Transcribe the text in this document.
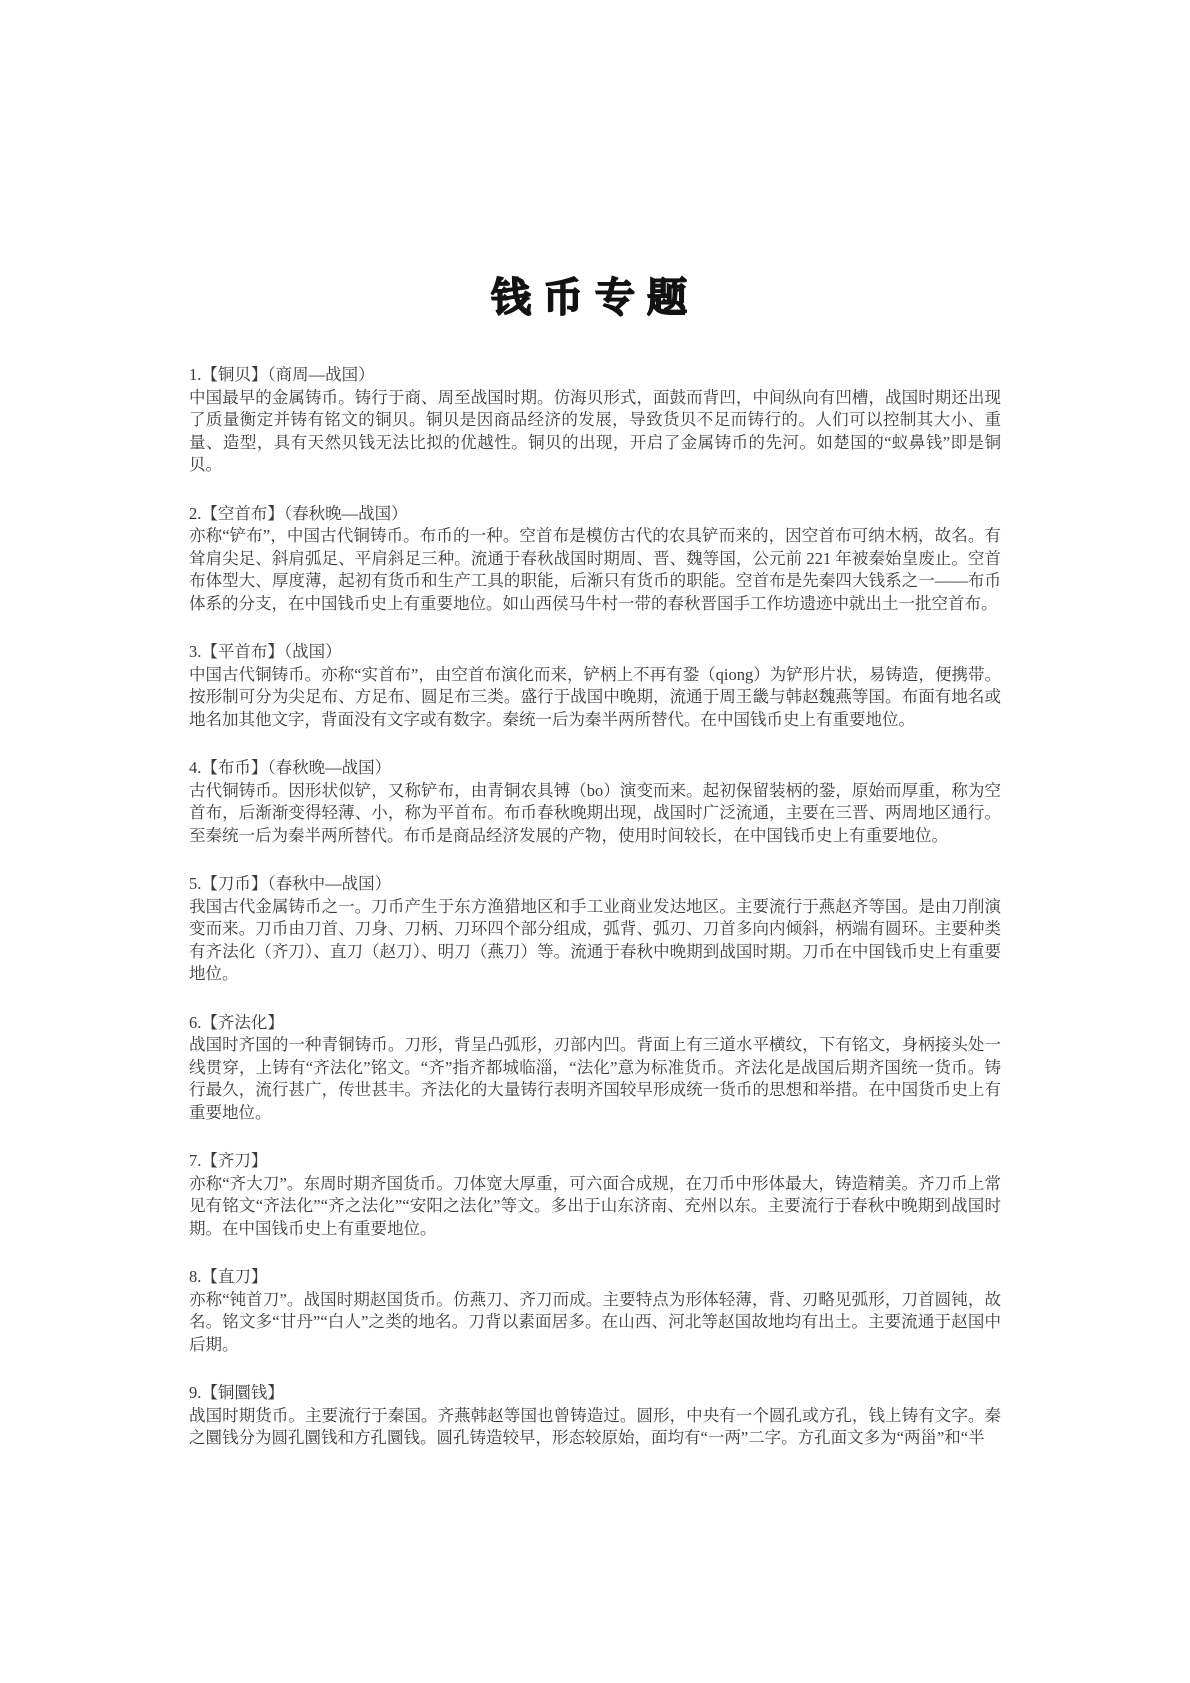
钱币专题
1.【铜贝】（商周—战国）

中国最早的金属铸币。铸行于商、周至战国时期。仿海贝形式，面鼓而背凹，中间纵向有凹槽，战国时期还出现了质量衡定并铸有铭文的铜贝。铜贝是因商品经济的发展，导致货贝不足而铸行的。人们可以控制其大小、重量、造型，具有天然贝钱无法比拟的优越性。铜贝的出现，开启了金属铸币的先河。如楚国的“蚁鼻钱”即是铜贝。

2.【空首布】（春秋晚—战国）

亦称“铲布”，中国古代铜铸币。布币的一种。空首布是模仿古代的农具铲而来的，因空首布可纳木柄，故名。有耸肩尖足、斜肩弧足、平肩斜足三种。流通于春秋战国时期周、晋、魏等国，公元前 221 年被秦始皇废止。空首布体型大、厚度薄，起初有货币和生产工具的职能，后渐只有货币的职能。空首布是先秦四大钱系之一——布币体系的分支，在中国钱币史上有重要地位。如山西侯马牛村一带的春秋晋国手工作坊遗迹中就出土一批空首布。

3.【平首布】（战国）

中国古代铜铸币。亦称“实首布”，由空首布演化而来，铲柄上不再有銎（qiong）为铲形片状，易铸造，便携带。按形制可分为尖足布、方足布、圆足布三类。盛行于战国中晚期，流通于周王畿与韩赵魏燕等国。布面有地名或地名加其他文字，背面没有文字或有数字。秦统一后为秦半两所替代。在中国钱币史上有重要地位。

4.【布币】（春秋晚—战国）

古代铜铸币。因形状似铲，又称铲布，由青铜农具镈（bo）演变而来。起初保留装柄的銎，原始而厚重，称为空首布，后渐渐变得轻薄、小，称为平首布。布币春秋晚期出现，战国时广泛流通，主要在三晋、两周地区通行。至秦统一后为秦半两所替代。布币是商品经济发展的产物，使用时间较长，在中国钱币史上有重要地位。

5.【刀币】（春秋中—战国）

我国古代金属铸币之一。刀币产生于东方渔猎地区和手工业商业发达地区。主要流行于燕赵齐等国。是由刀削演变而来。刀币由刀首、刀身、刀柄、刀环四个部分组成，弧背、弧刃、刀首多向内倾斜，柄端有圆环。主要种类有齐法化（齐刀）、直刀（赵刀）、明刀（燕刀）等。流通于春秋中晚期到战国时期。刀币在中国钱币史上有重要地位。

6.【齐法化】

战国时齐国的一种青铜铸币。刀形，背呈凸弧形，刃部内凹。背面上有三道水平横纹，下有铭文，身柄接头处一线贯穿，上铸有“齐法化”铭文。“齐”指齐都城临淄，“法化”意为标准货币。齐法化是战国后期齐国统一货币。铸行最久，流行甚广，传世甚丰。齐法化的大量铸行表明齐国较早形成统一货币的思想和举措。在中国货币史上有重要地位。

7.【齐刀】

亦称“齐大刀”。东周时期齐国货币。刀体宽大厚重，可六面合成规，在刀币中形体最大，铸造精美。齐刀币上常见有铭文“齐法化”“齐之法化”“安阳之法化”等文。多出于山东济南、充州以东。主要流行于春秋中晚期到战国时期。在中国钱币史上有重要地位。

8.【直刀】

亦称“钝首刀”。战国时期赵国货币。仿燕刀、齐刀而成。主要特点为形体轻薄，背、刃略见弧形，刀首圆钝，故名。铭文多“甘丹”“白人”之类的地名。刀背以素面居多。在山西、河北等赵国故地均有出土。主要流通于赵国中后期。

9.【铜圜钱】

战国时期货币。主要流行于秦国。齐燕韩赵等国也曾铸造过。圆形，中央有一个圆孔或方孔，钱上铸有文字。秦之圜钱分为圆孔圜钱和方孔圜钱。圆孔铸造较早，形态较原始，面均有“一两”二字。方孔面文多为“两甾”和“半
